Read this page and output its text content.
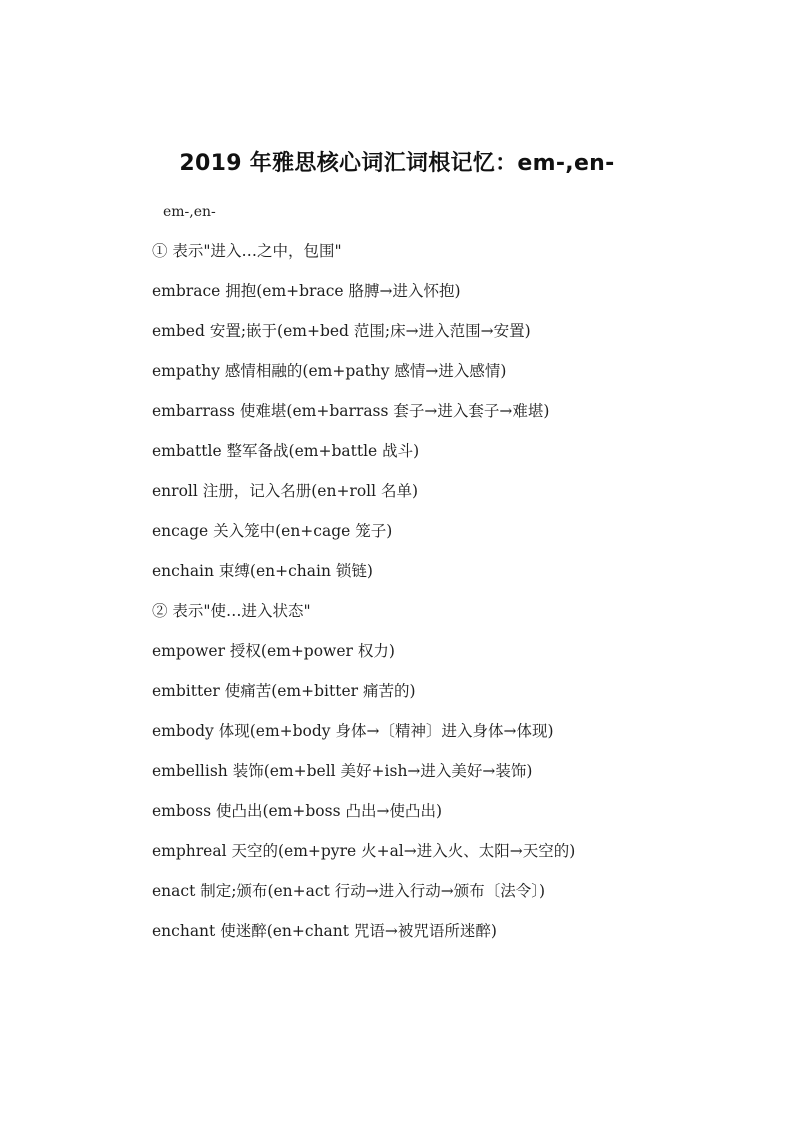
2019 年雅思核心词汇词根记忆：em-,en-
em-,en-
① 表示"进入…之中，包围"
embrace 拥抱(em+brace 胳膊→进入怀抱)
embed 安置;嵌于(em+bed 范围;床→进入范围→安置)
empathy 感情相融的(em+pathy 感情→进入感情)
embarrass 使难堪(em+barrass 套子→进入套子→难堪)
embattle 整军备战(em+battle 战斗)
enroll 注册，记入名册(en+roll 名单)
encage 关入笼中(en+cage 笼子)
enchain 束缚(en+chain 锁链)
② 表示"使…进入状态"
empower 授权(em+power 权力)
embitter 使痛苦(em+bitter 痛苦的)
embody 体现(em+body 身体→〔精神〕进入身体→体现)
embellish 装饰(em+bell 美好+ish→进入美好→装饰)
emboss 使凸出(em+boss 凸出→使凸出)
emphreal 天空的(em+pyre 火+al→进入火、太阳→天空的)
enact 制定;颁布(en+act 行动→进入行动→颁布〔法令〕)
enchant 使迷醉(en+chant 咒语→被咒语所迷醉)
